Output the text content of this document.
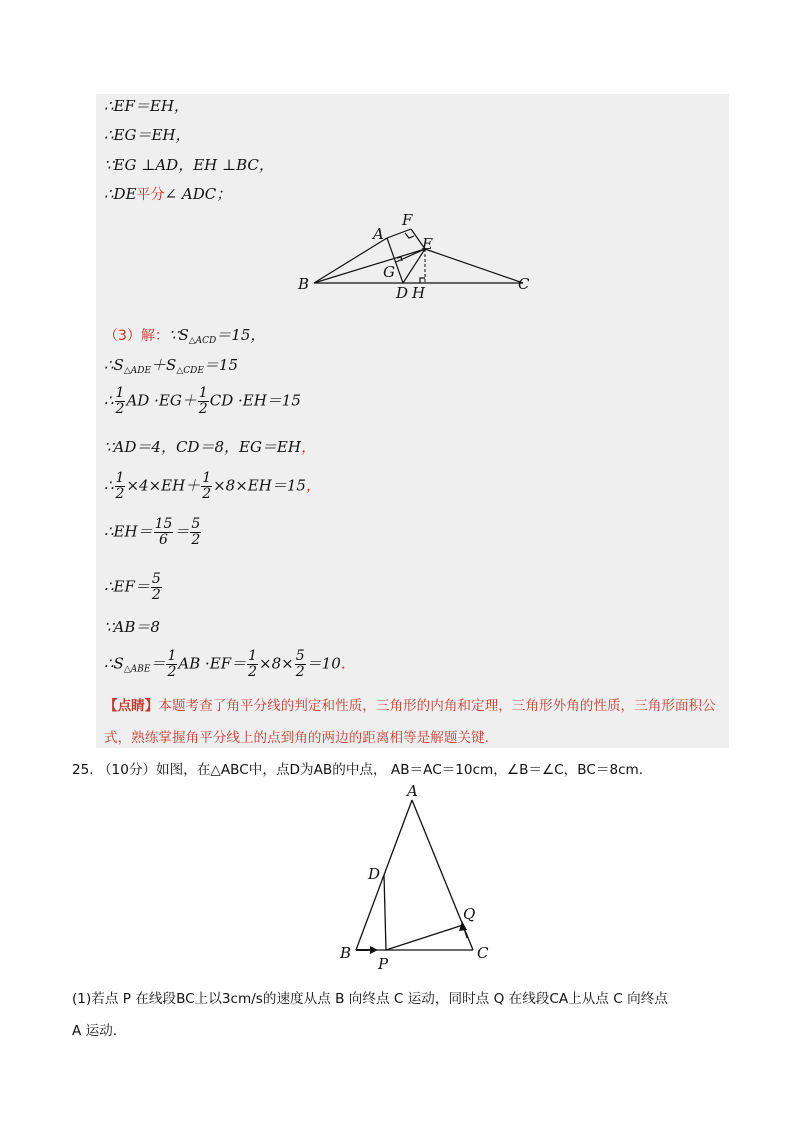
∴EF＝EH，
∴EG＝EH，
∵EG ⊥AD，EH ⊥BC，
∴DE平分∠ ADC；
A
F
E
B
G
D H	C
（3）解：$\because S_{\triangle ACD}=15$，
$\therefore S_{\triangle ADE}+S_{\triangle CDE}=15$
∴ $\frac{1}{2}$ AD $\cdot EG+ \frac{1}{2}$ CD ·EH＝15
∵AD＝4，CD＝8，EG＝EH，
∴ $\frac{1}{2} \times 4\times EH+ \frac{1}{2} \times 8\times EH=15$，
∴EH＝ $\frac{15}{6} = \frac{5}{2}$
∴EF＝ $\frac{5}{2}$
∵AB＝8
$\therefore S_{\triangle ABE}= \frac{1}{2}$ AB $\cdot EF= \frac{1}{2} \times 8\times \frac{5}{2} =10$．
【点睛】本题考查了角平分线的判定和性质，三角形的内角和定理，三角形外角的性质，三角形面积公式，熟练掌握角平分线上的点到角的两边的距离相等是解题关键.
25. （10分）如图，在△ABC中，点D为AB的中点， AB＝AC＝10cm，∠B＝∠C，BC＝8cm.
A
D
Q
B
P
C
(1)若点 P 在线段BC上以3cm/s的速度从点 B 向终点 C 运动，同时点 Q 在线段CA上从点 C 向终点
A 运动.
